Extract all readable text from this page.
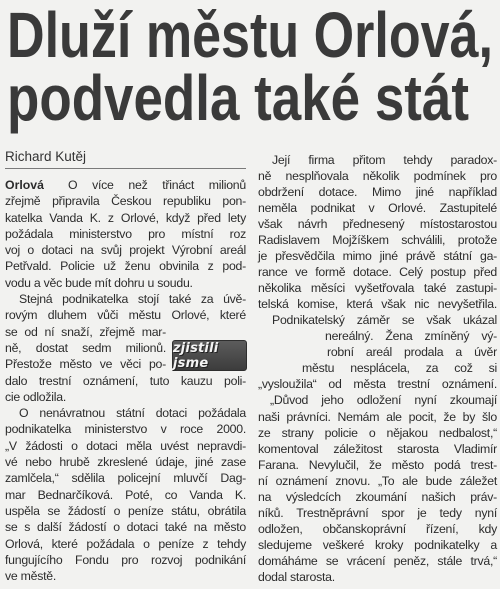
Dluží městu Orlová,
podvedla také stát
Richard Kutěj
Orlová O více než třináct milionů
zřejmě připravila Českou republiku pon-
katelka Vanda K. z Orlové, když před lety
požádala ministerstvo pro místní roz
voj o dotaci na svůj projekt Výrobní areál
Petřvald. Policie už ženu obvinila z pod-
vodu a věc bude mít dohru u soudu.
Stejná podnikatelka stojí také za úvě-
rovým dluhem vůči městu Orlové, které
se od ní snaží, zřejmě mar-
ně, dostat sedm milionů.
Přestože město ve věci po-
dalo trestní oznámení, tuto kauzu poli-
cie odložila.
O nenávratnou státní dotaci požádala
podnikatelka ministerstvo v roce 2000.
„V žádosti o dotaci měla uvést nepravdi-
vé nebo hrubě zkreslené údaje, jiné zase
zamlčela,“ sdělila policejní mluvčí Dag-
mar Bednarčíková. Poté, co Vanda K.
uspěla se žádostí o peníze státu, obrátila
se s další žádostí o dotaci také na město
Orlová, které požádala o peníze z tehdy
fungujícího Fondu pro rozvoj podnikání
ve městě.
zjistili jsme
Její firma přitom tehdy paradox-
ně nesplňovala několik podmínek pro
obdržení dotace. Mimo jiné například
neměla podnikat v Orlové. Zastupitelé
však návrh přednesený místostarostou
Radislavem Mojžíškem schválili, protože
je přesvědčila mimo jiné právě státní ga-
rance ve formě dotace. Celý postup před
několika měsíci vyšetřovala také zastupi-
telská komise, která však nic nevyšetřila.
Podnikatelský záměr se však ukázal
nereálný. Žena zmíněný vý-
robní areál prodala a úvěr
městu nesplácela, za což si
„vysloužila“ od města trestní oznámení.
„Důvod jeho odložení nyní zkoumají
naši právníci. Nemám ale pocit, že by šlo
ze strany policie o nějakou nedbalost,“
komentoval záležitost starosta Vladimír
Farana. Nevylučil, že město podá trest-
ní oznámení znovu. „To ale bude záležet
na výsledcích zkoumání našich práv-
níků. Trestněprávní spor je tedy nyní
odložen, občanskoprávní řízení, kdy
sledujeme veškeré kroky podnikatelky a
domáháme se vrácení peněz, stále trvá,“
dodal starosta.
